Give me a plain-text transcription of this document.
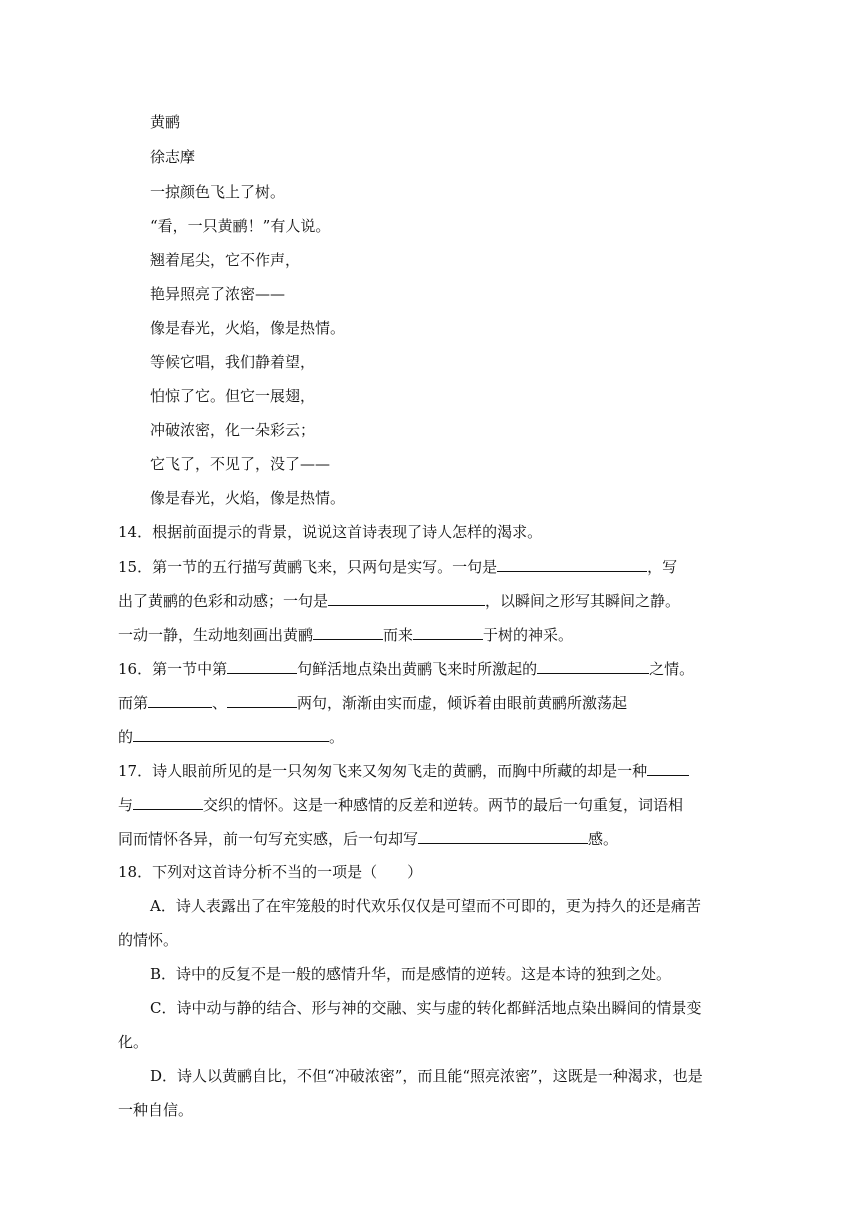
黄鹂
徐志摩
一掠颜色飞上了树。
“看，一只黄鹂！”有人说。
翘着尾尖，它不作声，
艳异照亮了浓密——
像是春光，火焰，像是热情。
等候它唱，我们静着望，
怕惊了它。但它一展翅，
冲破浓密，化一朵彩云；
它飞了，不见了，没了——
像是春光，火焰，像是热情。
14．根据前面提示的背景，说说这首诗表现了诗人怎样的渴求。
15．第一节的五行描写黄鹂飞来，只两句是实写。一句是	，写
出了黄鹂的色彩和动感；一句是	，以瞬间之形写其瞬间之静。
一动一静，生动地刻画出黄鹂	而来	于树的神采。
16．第一节中第	句鲜活地点染出黄鹂飞来时所激起的	之情。
而第	、	两句，渐渐由实而虚，倾诉着由眼前黄鹂所激荡起
的	。
17．诗人眼前所见的是一只匆匆飞来又匆匆飞走的黄鹂，而胸中所藏的却是一种
与	交织的情怀。这是一种感情的反差和逆转。两节的最后一句重复，词语相
同而情怀各异，前一句写充实感，后一句却写	感。
18．下列对这首诗分析不当的一项是（　　）
A．诗人表露出了在牢笼般的时代欢乐仅仅是可望而不可即的，更为持久的还是痛苦
的情怀。
B．诗中的反复不是一般的感情升华，而是感情的逆转。这是本诗的独到之处。
C．诗中动与静的结合、形与神的交融、实与虚的转化都鲜活地点染出瞬间的情景变
化。
D．诗人以黄鹂自比，不但“冲破浓密”，而且能“照亮浓密”，这既是一种渴求，也是
一种自信。
